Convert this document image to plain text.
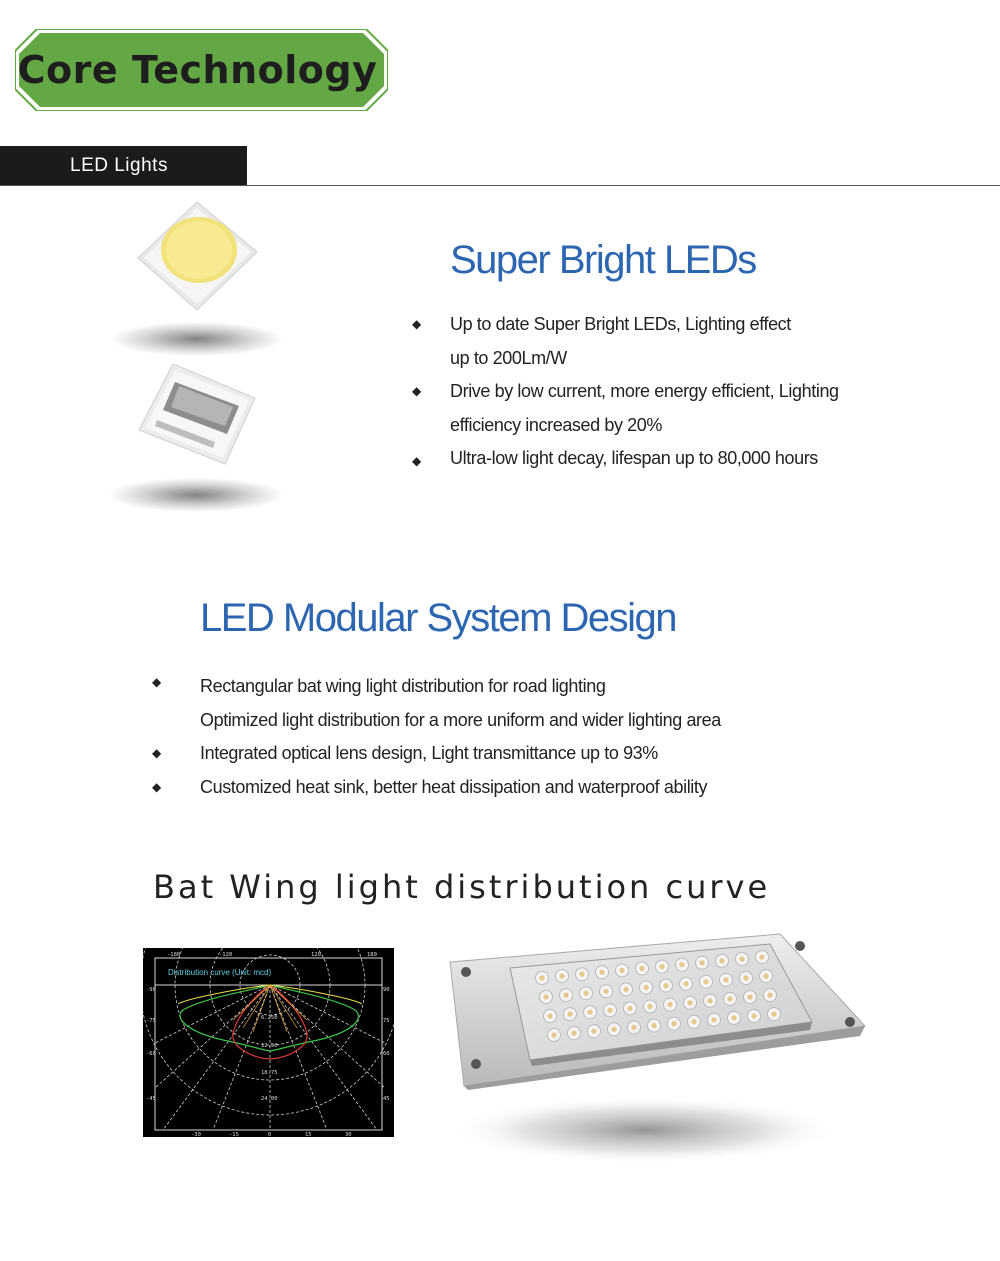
Core Technology
LED Lights
Super Bright LEDs
◆ Up to date Super Bright LEDs, Lighting effect
up to 200Lm/W
◆ Drive by low current, more energy efficient, Lighting
efficiency increased by 20%
◆ Ultra-low light decay, lifespan up to 80,000 hours
LED Modular System Design
◆ Rectangular bat wing light distribution for road lighting
Optimized light distribution for a more uniform and wider lighting area
◆ Integrated optical lens design, Light transmittance up to 93%
◆ Customized heat sink, better heat dissipation and waterproof ability
Bat Wing light distribution curve
-180	-120	120	180
-30	-15	0	15	30
-90
-75
-60
-45
90
75
60
45
6.250
12.50
18.75
24.00
Distribution curve (Unit: mcd)
